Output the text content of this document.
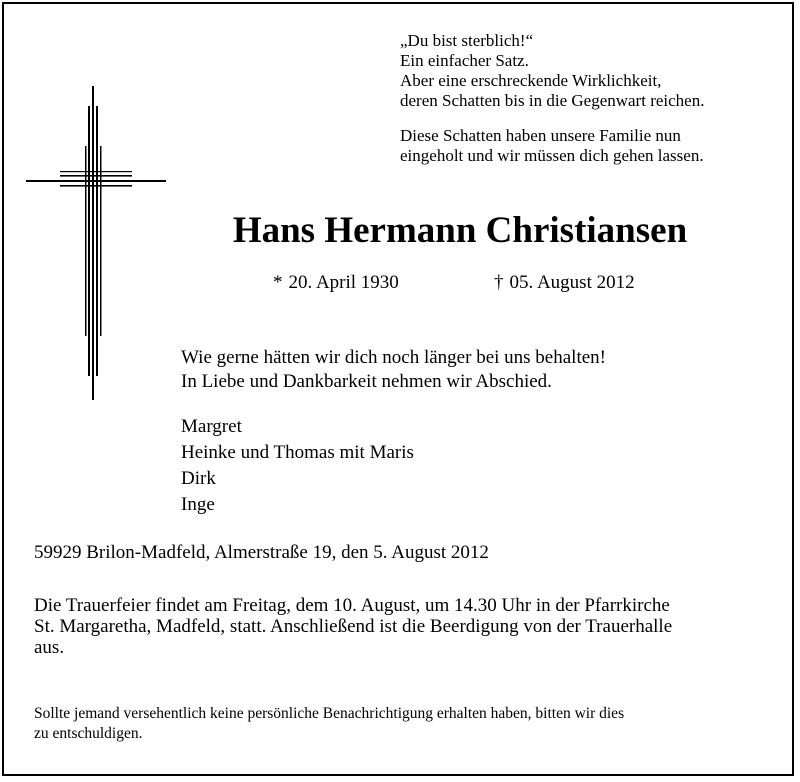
„Du bist sterblich!“
Ein einfacher Satz.
Aber eine erschreckende Wirklichkeit,
deren Schatten bis in die Gegenwart reichen.
Diese Schatten haben unsere Familie nun
eingeholt und wir müssen dich gehen lassen.
Hans Hermann Christiansen
* 20. April 1930	† 05. August 2012
Wie gerne hätten wir dich noch länger bei uns behalten!
In Liebe und Dankbarkeit nehmen wir Abschied.
Margret
Heinke und Thomas mit Maris
Dirk
Inge
59929 Brilon-Madfeld, Almerstraße 19, den 5. August 2012
Die Trauerfeier findet am Freitag, dem 10. August, um 14.30 Uhr in der Pfarrkirche
St. Margaretha, Madfeld, statt. Anschließend ist die Beerdigung von der Trauerhalle
aus.
Sollte jemand versehentlich keine persönliche Benachrichtigung erhalten haben, bitten wir dies
zu entschuldigen.
